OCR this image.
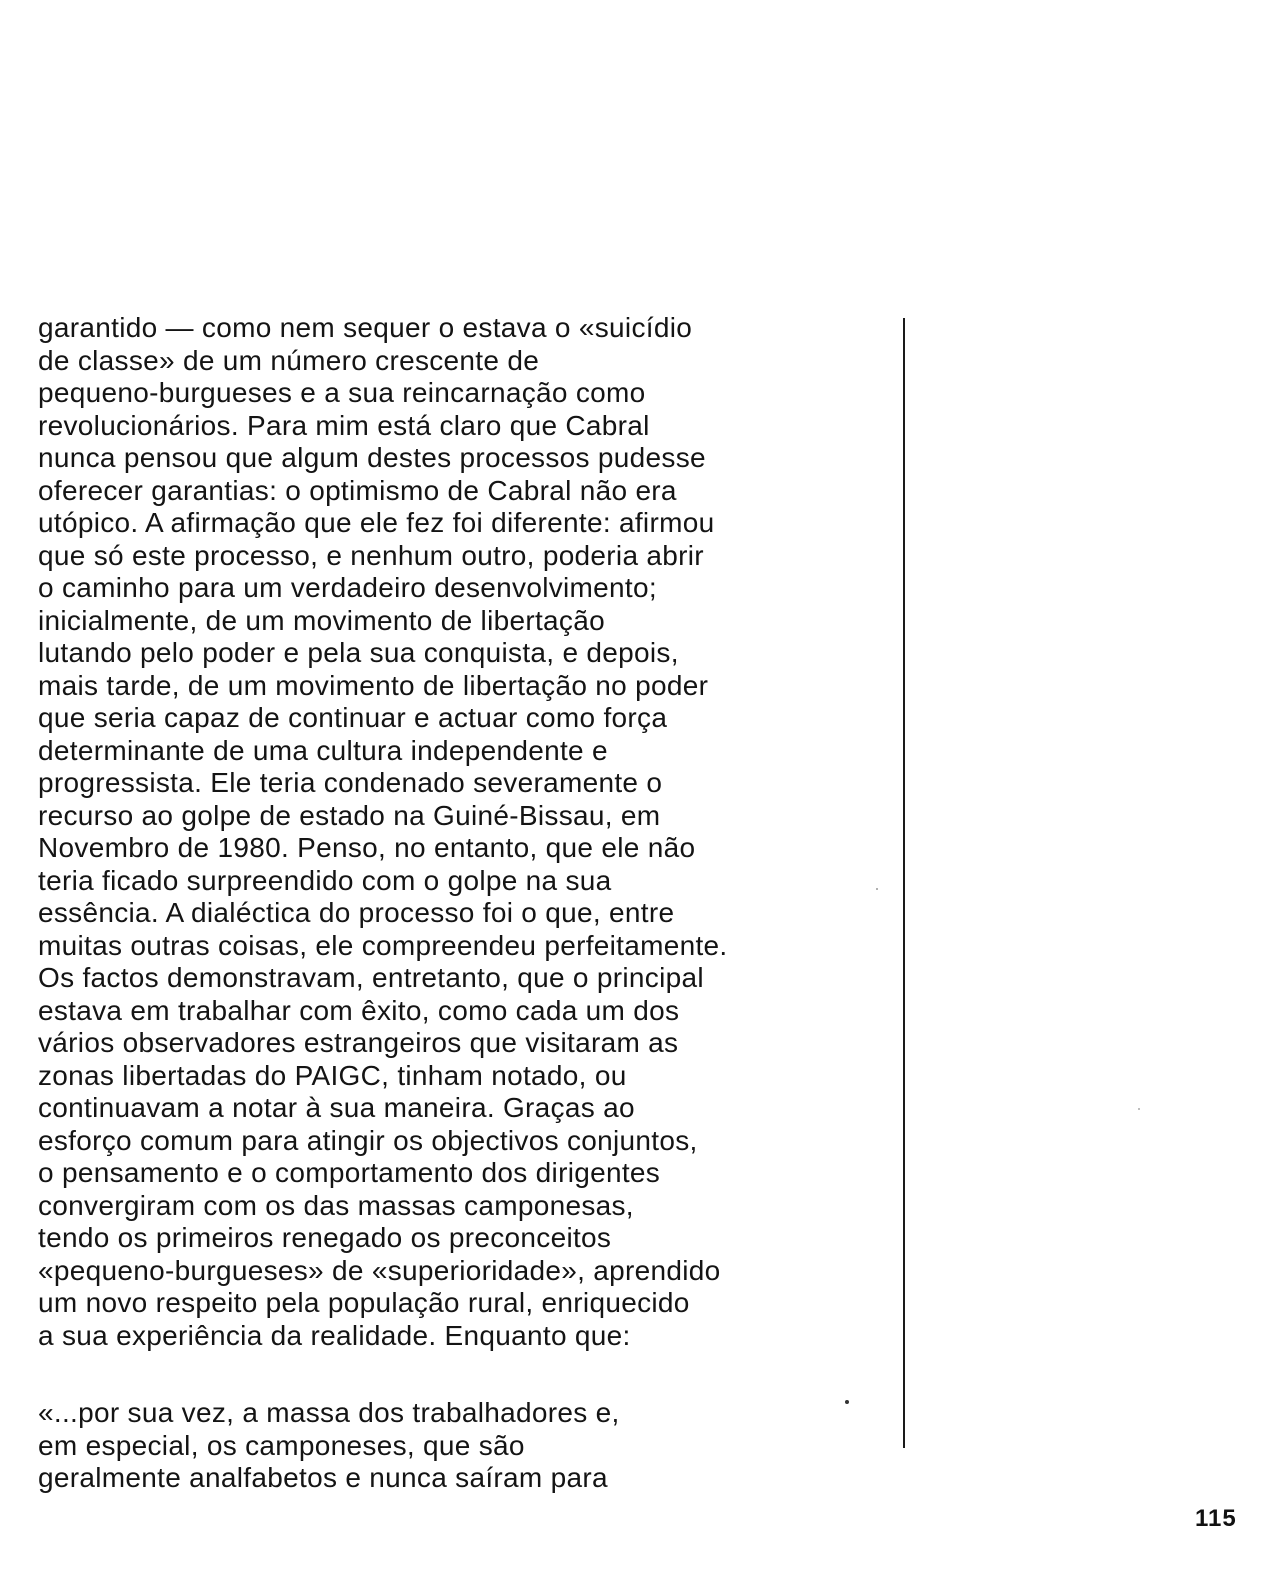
garantido — como nem sequer o estava o «suicídio
de classe» de um número crescente de
pequeno-burgueses e a sua reincarnação como
revolucionários. Para mim está claro que Cabral
nunca pensou que algum destes processos pudesse
oferecer garantias: o optimismo de Cabral não era
utópico. A afirmação que ele fez foi diferente: afirmou
que só este processo, e nenhum outro, poderia abrir
o caminho para um verdadeiro desenvolvimento;
inicialmente, de um movimento de libertação
lutando pelo poder e pela sua conquista, e depois,
mais tarde, de um movimento de libertação no poder
que seria capaz de continuar e actuar como força
determinante de uma cultura independente e
progressista. Ele teria condenado severamente o
recurso ao golpe de estado na Guiné-Bissau, em
Novembro de 1980. Penso, no entanto, que ele não
teria ficado surpreendido com o golpe na sua
essência. A dialéctica do processo foi o que, entre
muitas outras coisas, ele compreendeu perfeitamente.
Os factos demonstravam, entretanto, que o principal
estava em trabalhar com êxito, como cada um dos
vários observadores estrangeiros que visitaram as
zonas libertadas do PAIGC, tinham notado, ou
continuavam a notar à sua maneira. Graças ao
esforço comum para atingir os objectivos conjuntos,
o pensamento e o comportamento dos dirigentes
convergiram com os das massas camponesas,
tendo os primeiros renegado os preconceitos
«pequeno-burgueses» de «superioridade», aprendido
um novo respeito pela população rural, enriquecido
a sua experiência da realidade. Enquanto que:
«...por sua vez, a massa dos trabalhadores e,
em especial, os camponeses, que são
geralmente analfabetos e nunca saíram para
115
